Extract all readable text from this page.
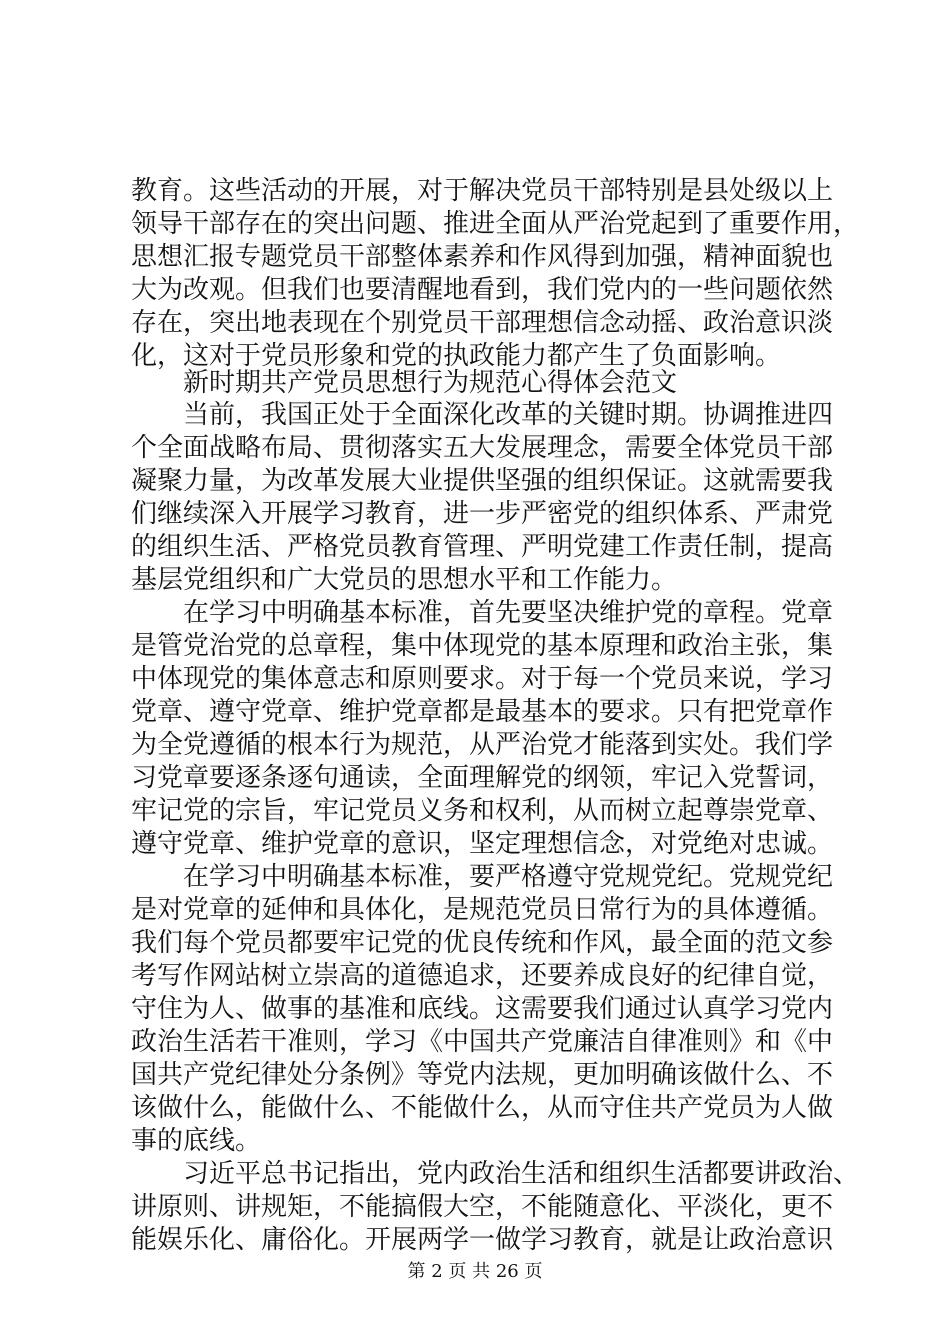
教育。这些活动的开展，对于解决党员干部特别是县处级以上
领导干部存在的突出问题、推进全面从严治党起到了重要作用，
思想汇报专题党员干部整体素养和作风得到加强，精神面貌也
大为改观。但我们也要清醒地看到，我们党内的一些问题依然
存在，突出地表现在个别党员干部理想信念动摇、政治意识淡
化，这对于党员形象和党的执政能力都产生了负面影响。
新时期共产党员思想行为规范心得体会范文
当前，我国正处于全面深化改革的关键时期。协调推进四
个全面战略布局、贯彻落实五大发展理念，需要全体党员干部
凝聚力量，为改革发展大业提供坚强的组织保证。这就需要我
们继续深入开展学习教育，进一步严密党的组织体系、严肃党
的组织生活、严格党员教育管理、严明党建工作责任制，提高
基层党组织和广大党员的思想水平和工作能力。
在学习中明确基本标准，首先要坚决维护党的章程。党章
是管党治党的总章程，集中体现党的基本原理和政治主张，集
中体现党的集体意志和原则要求。对于每一个党员来说，学习
党章、遵守党章、维护党章都是最基本的要求。只有把党章作
为全党遵循的根本行为规范，从严治党才能落到实处。我们学
习党章要逐条逐句通读，全面理解党的纲领，牢记入党誓词，
牢记党的宗旨，牢记党员义务和权利，从而树立起尊崇党章、
遵守党章、维护党章的意识，坚定理想信念，对党绝对忠诚。
在学习中明确基本标准，要严格遵守党规党纪。党规党纪
是对党章的延伸和具体化，是规范党员日常行为的具体遵循。
我们每个党员都要牢记党的优良传统和作风，最全面的范文参
考写作网站树立崇高的道德追求，还要养成良好的纪律自觉，
守住为人、做事的基准和底线。这需要我们通过认真学习党内
政治生活若干准则，学习《中国共产党廉洁自律准则》和《中
国共产党纪律处分条例》等党内法规，更加明确该做什么、不
该做什么，能做什么、不能做什么，从而守住共产党员为人做
事的底线。
习近平总书记指出，党内政治生活和组织生活都要讲政治、
讲原则、讲规矩，不能搞假大空，不能随意化、平淡化，更不
第 2 页 共 26 页
能娱乐化、庸俗化。开展两学一做学习教育，就是让政治意识
